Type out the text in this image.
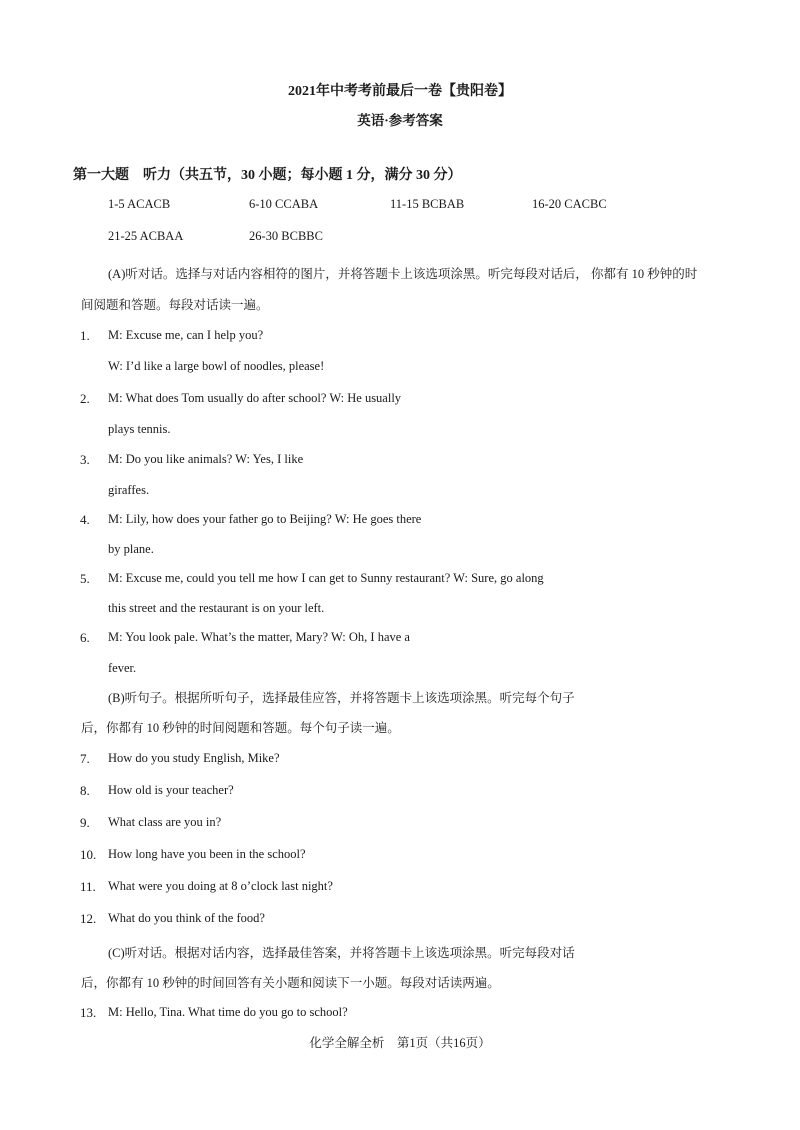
2021年中考考前最后一卷【贵阳卷】
英语·参考答案
第一大题　听力（共五节，30 小题；每小题 1 分，满分 30 分）
1-5 ACACB	6-10 CCABA	11-15 BCBAB	16-20 CACBC
21-25 ACBAA	26-30 BCBBC
(A)听对话。选择与对话内容相符的图片，并将答题卡上该选项涂黑。听完每段对话后， 你都有 10 秒钟的时
间阅题和答题。每段对话读一遍。
1. M: Excuse me, can I help you?
W: I’d like a large bowl of noodles, please!
2. M: What does Tom usually do after school? W: He usually
plays tennis.
3. M: Do you like animals? W: Yes, I like
giraffes.
4. M: Lily, how does your father go to Beijing? W: He goes there
by plane.
5. M: Excuse me, could you tell me how I can get to Sunny restaurant? W: Sure, go along
this street and the restaurant is on your left.
6. M: You look pale. What’s the matter, Mary? W: Oh, I have a
fever.
(B)听句子。根据所听句子，选择最佳应答，并将答题卡上该选项涂黑。听完每个句子
后，你都有 10 秒钟的时间阅题和答题。每个句子读一遍。
7. How do you study English, Mike?
8. How old is your teacher?
9. What class are you in?
10. How long have you been in the school?
11. What were you doing at 8 o’clock last night?
12. What do you think of the food?
(C)听对话。根据对话内容，选择最佳答案，并将答题卡上该选项涂黑。听完每段对话
后，你都有 10 秒钟的时间回答有关小题和阅读下一小题。每段对话读两遍。
13. M: Hello, Tina. What time do you go to school?
化学全解全析　第1页（共16页）
